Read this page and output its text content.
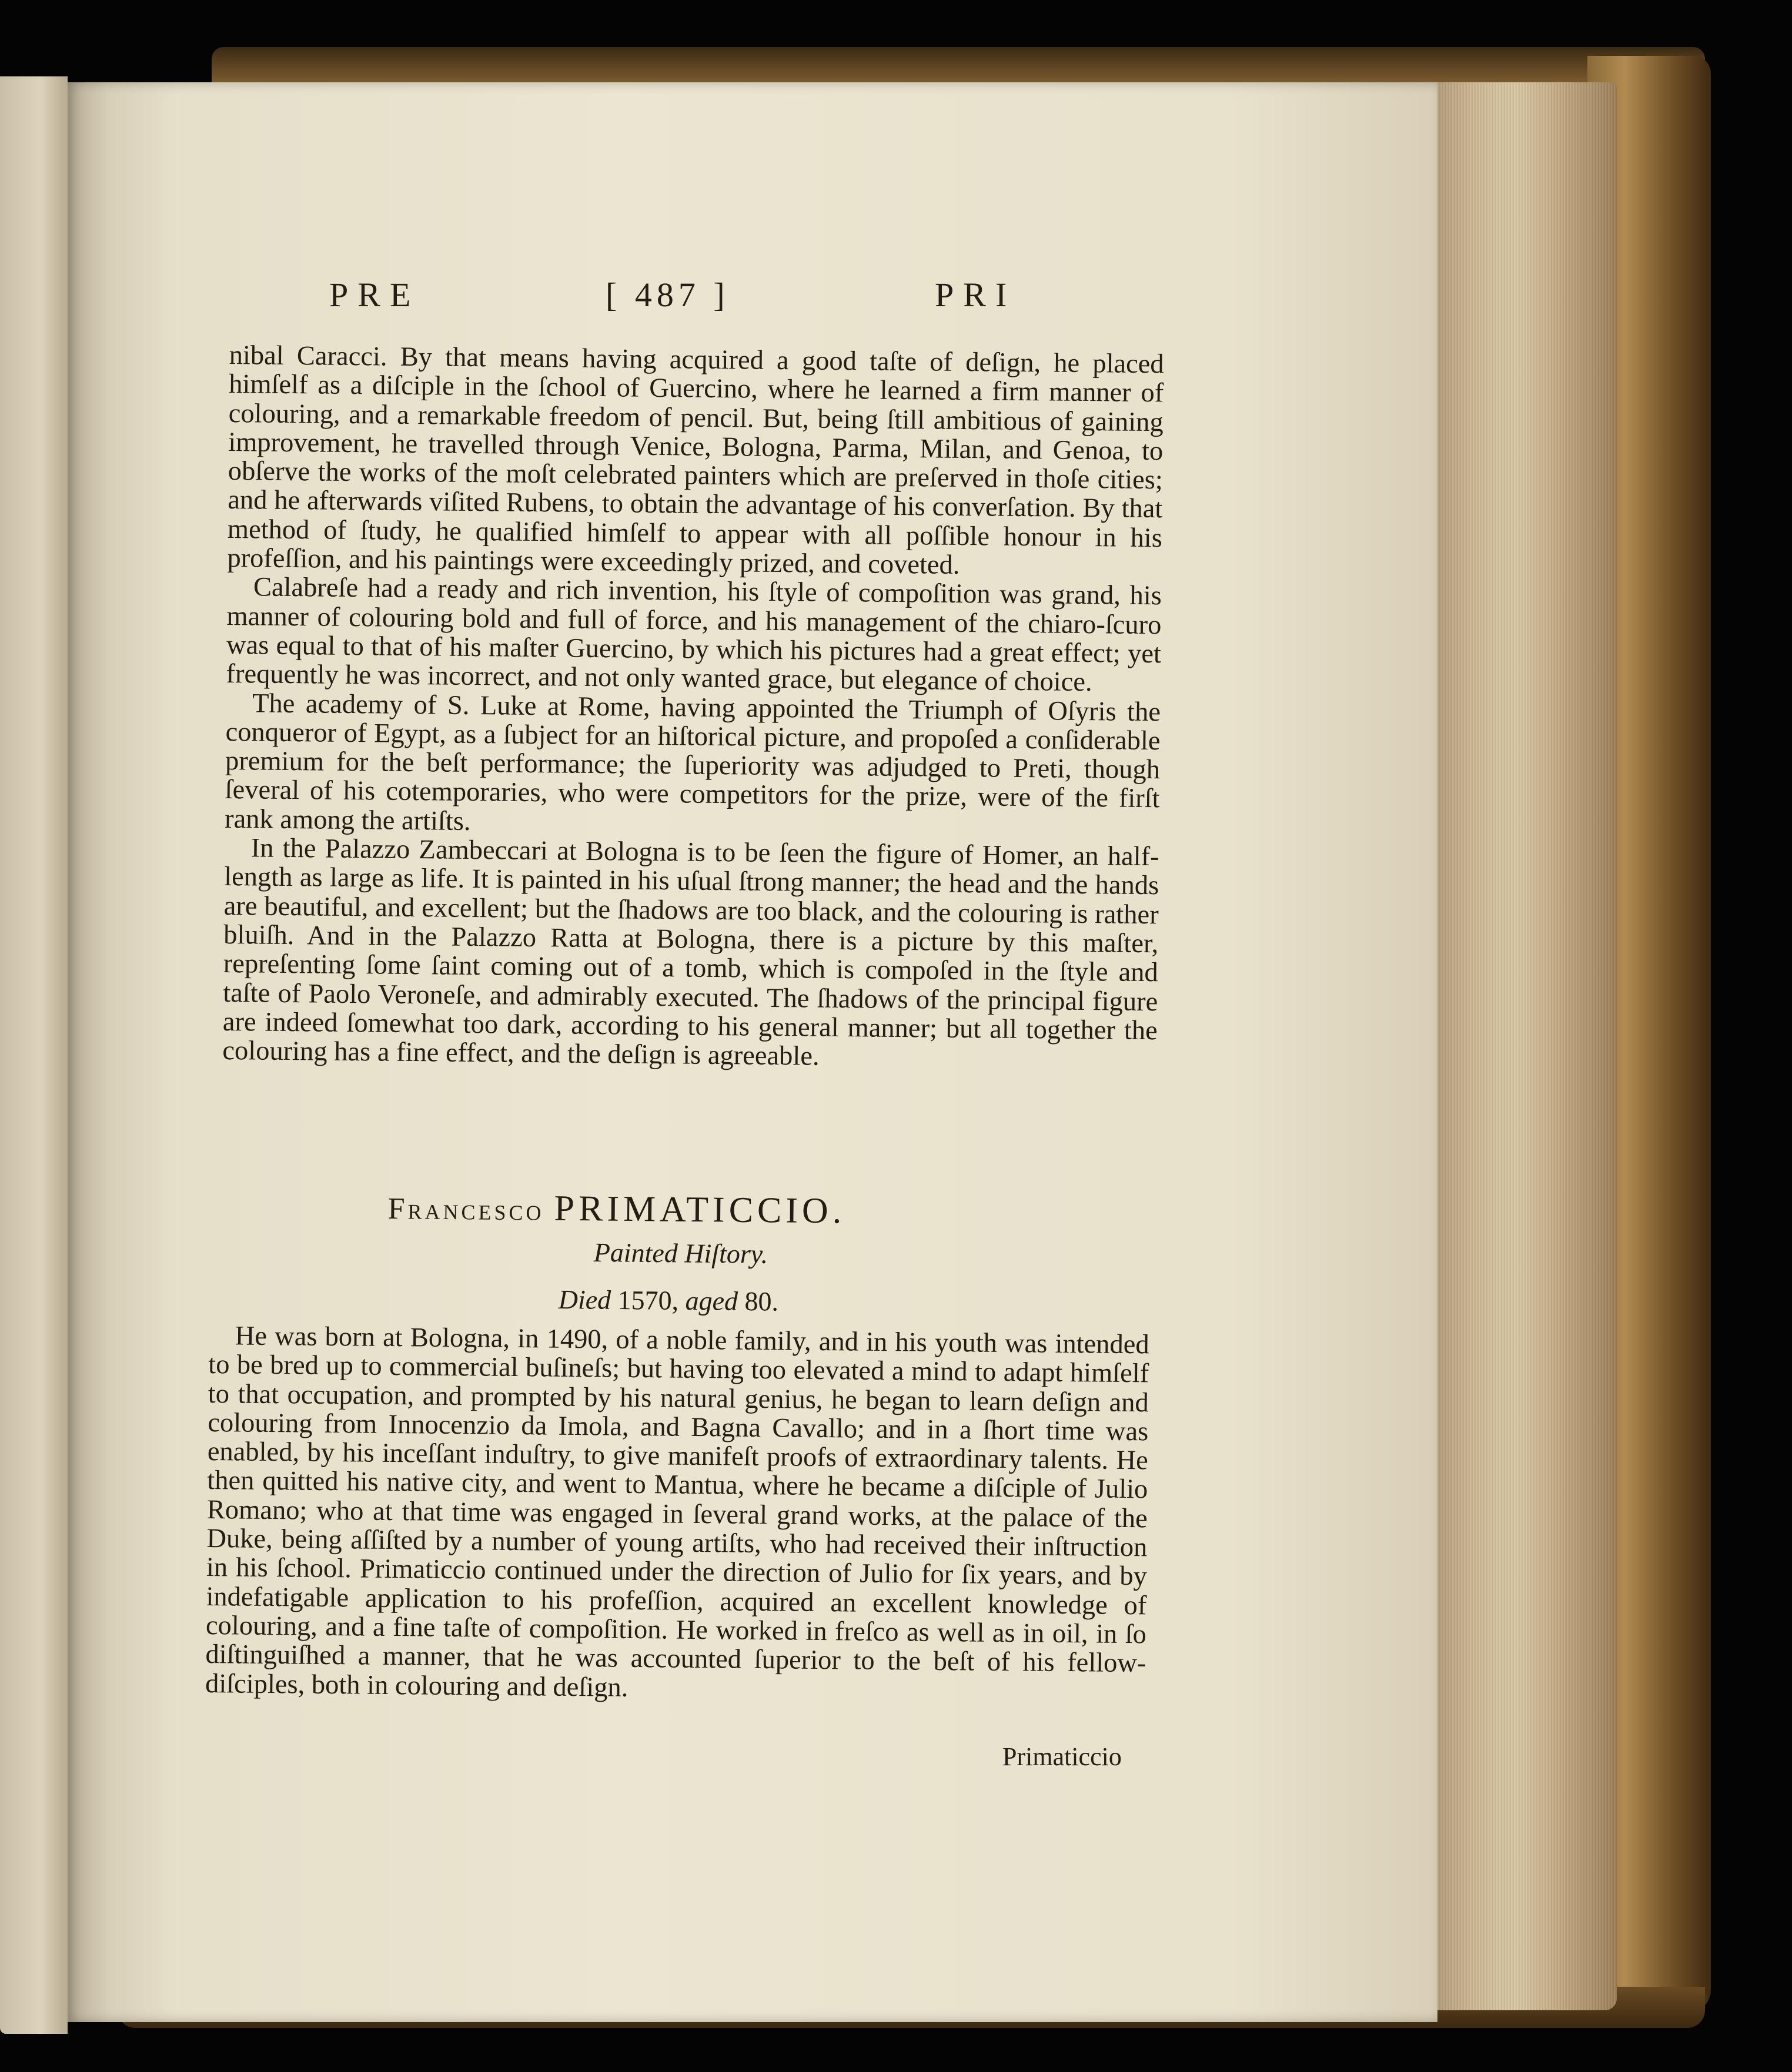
PRE	[ 487 ]	PRI

nibal Caracci. By that means having acquired a good taſte of deſign, he placed himſelf as a diſciple in the ſchool of Guercino, where he learned a firm manner of colouring, and a remarkable freedom of pencil. But, being ſtill ambitious of gaining improvement, he travelled through Venice, Bologna, Parma, Milan, and Genoa, to obſerve the works of the moſt celebrated painters which are preſerved in thoſe cities; and he afterwards viſited Rubens, to obtain the advantage of his converſation. By that method of ſtudy, he qualified himſelf to appear with all poſſible honour in his profeſſion, and his paintings were exceedingly prized, and coveted.

Calabreſe had a ready and rich invention, his ſtyle of compoſition was grand, his manner of colouring bold and full of force, and his management of the chiaro-ſcuro was equal to that of his maſter Guercino, by which his pictures had a great effect; yet frequently he was incorrect, and not only wanted grace, but elegance of choice.

The academy of S. Luke at Rome, having appointed the Triumph of Oſyris the conqueror of Egypt, as a ſubject for an hiſtorical picture, and propoſed a conſiderable premium for the beſt performance; the ſuperiority was adjudged to Preti, though ſeveral of his cotemporaries, who were competitors for the prize, were of the firſt rank among the artiſts.

In the Palazzo Zambeccari at Bologna is to be ſeen the figure of Homer, an half-length as large as life. It is painted in his uſual ſtrong manner; the head and the hands are beautiful, and excellent; but the ſhadows are too black, and the colouring is rather bluiſh. And in the Palazzo Ratta at Bologna, there is a picture by this maſter, repreſenting ſome ſaint coming out of a tomb, which is compoſed in the ſtyle and taſte of Paolo Veroneſe, and admirably executed. The ſhadows of the principal figure are indeed ſomewhat too dark, according to his general manner; but all together the colouring has a fine effect, and the deſign is agreeable.

Francesco PRIMATICCIO.
Painted Hiſtory.
Died 1570, aged 80.

He was born at Bologna, in 1490, of a noble family, and in his youth was intended to be bred up to commercial buſineſs; but having too elevated a mind to adapt himſelf to that occupation, and prompted by his natural genius, he began to learn deſign and colouring from Innocenzio da Imola, and Bagna Cavallo; and in a ſhort time was enabled, by his inceſſant induſtry, to give manifeſt proofs of extraordinary talents. He then quitted his native city, and went to Mantua, where he became a diſciple of Julio Romano; who at that time was engaged in ſeveral grand works, at the palace of the Duke, being aſſiſted by a number of young artiſts, who had received their inſtruction in his ſchool. Primaticcio continued under the direction of Julio for ſix years, and by indefatigable application to his profeſſion, acquired an excellent knowledge of colouring, and a fine taſte of compoſition. He worked in freſco as well as in oil, in ſo diſtinguiſhed a manner, that he was accounted ſuperior to the beſt of his fellow-diſciples, both in colouring and deſign.

Primaticcio
